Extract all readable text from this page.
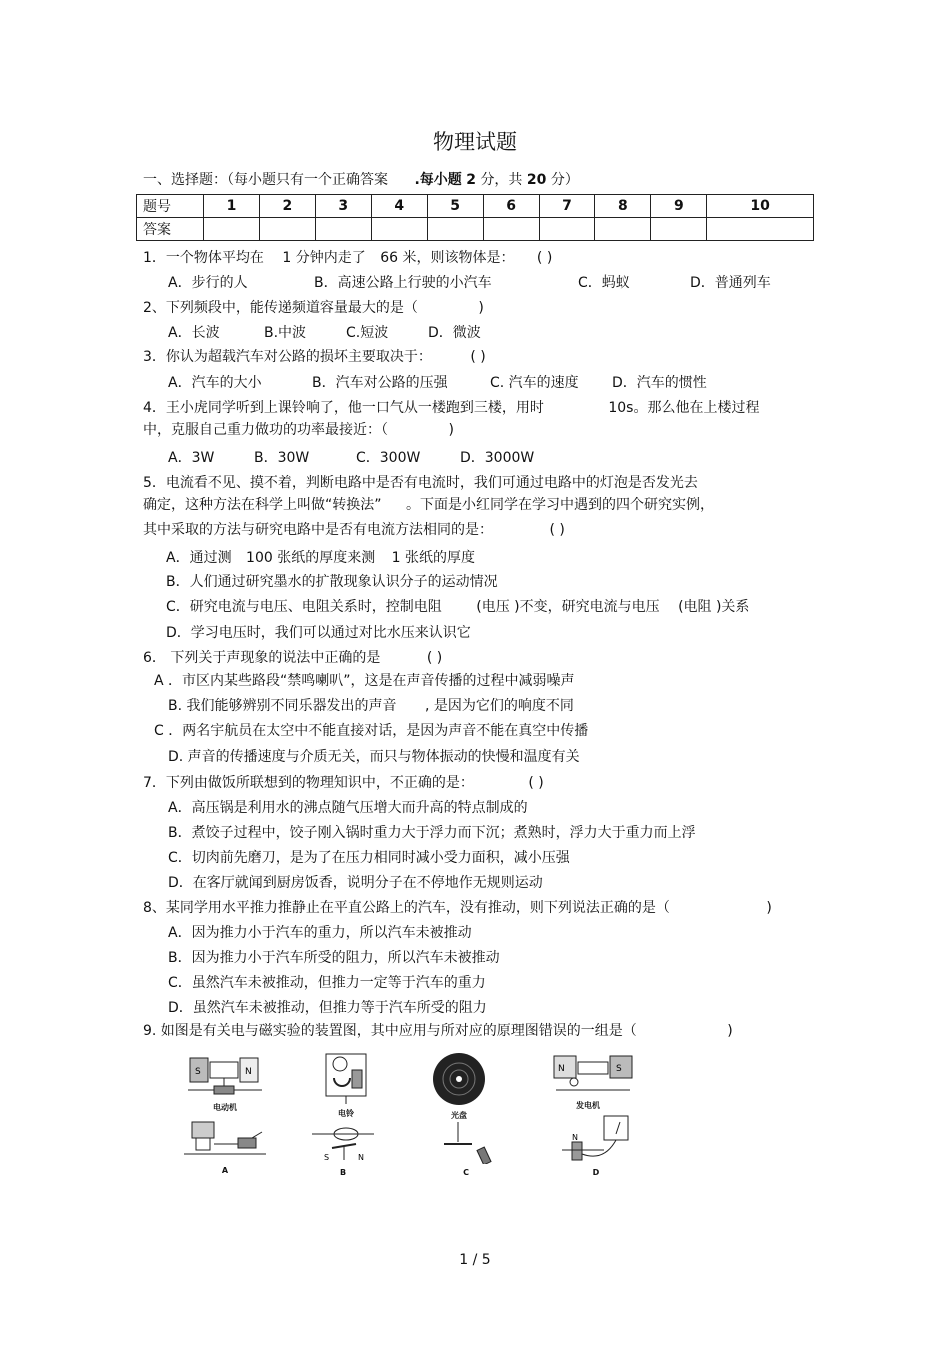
物理试题
一、选择题：（每小题只有一个正确答案 .每小题 2 分，共 20 分）
题号	1	2	3	4	5	6	7	8	9	10
答案										
1．一个物体平均在 1 分钟内走了 66 米，则该物体是： ( )
A．步行的人	B．高速公路上行驶的小汽车	C．蚂蚁	D．普通列车
2、下列频段中，能传递频道容量最大的是（	)
A．长波	B.中波	C.短波	D．微波
3．你认为超载汽车对公路的损坏主要取决于：	( )
A．汽车的大小	B．汽车对公路的压强	C. 汽车的速度 D．汽车的惯性
4．王小虎同学听到上课铃响了，他一口气从一楼跑到三楼，用时	10s。那么他在上楼过程
中，克服自己重力做功的功率最接近：（	)
A．3W	B．30W	C．300W	D．3000W
5．电流看不见、摸不着，判断电路中是否有电流时，我们可通过电路中的灯泡是否发光去
确定，这种方法在科学上叫做“转换法” 。下面是小红同学在学习中遇到的四个研究实例，
其中采取的方法与研究电路中是否有电流方法相同的是：	( )
A．通过测 100 张纸的厚度来测 1 张纸的厚度
B．人们通过研究墨水的扩散现象认识分子的运动情况
C．研究电流与电压、电阻关系时，控制电阻 (电压 )不变，研究电流与电压 (电阻 )关系
D．学习电压时，我们可以通过对比水压来认识它
6． 下列关于声现象的说法中正确的是	( )
A ．市区内某些路段“禁鸣喇叭”，这是在声音传播的过程中减弱噪声
B. 我们能够辨别不同乐器发出的声音 , 是因为它们的响度不同
C ．两名宇航员在太空中不能直接对话，是因为声音不能在真空中传播
D. 声音的传播速度与介质无关，而只与物体振动的快慢和温度有关
7．下列由做饭所联想到的物理知识中，不正确的是：	( )
A．高压锅是利用水的沸点随气压增大而升高的特点制成的
B．煮饺子过程中，饺子刚入锅时重力大于浮力而下沉；煮熟时，浮力大于重力而上浮
C．切肉前先磨刀，是为了在压力相同时减小受力面积，减小压强
D．在客厅就闻到厨房饭香，说明分子在不停地作无规则运动
8、某同学用水平推力推静止在平直公路上的汽车，没有推动，则下列说法正确的是（	)
A．因为推力小于汽车的重力，所以汽车未被推动
B．因为推力小于汽车所受的阻力，所以汽车未被推动
C．虽然汽车未被推动，但推力一定等于汽车的重力
D．虽然汽车未被推动，但推力等于汽车所受的阻力
9. 如图是有关电与磁实验的装置图，其中应用与所对应的原理图错误的一组是（	)
S	N
电动机
电铃	光盘
N	S
发电机
A
S	N
B	C
N
D
1 / 5
